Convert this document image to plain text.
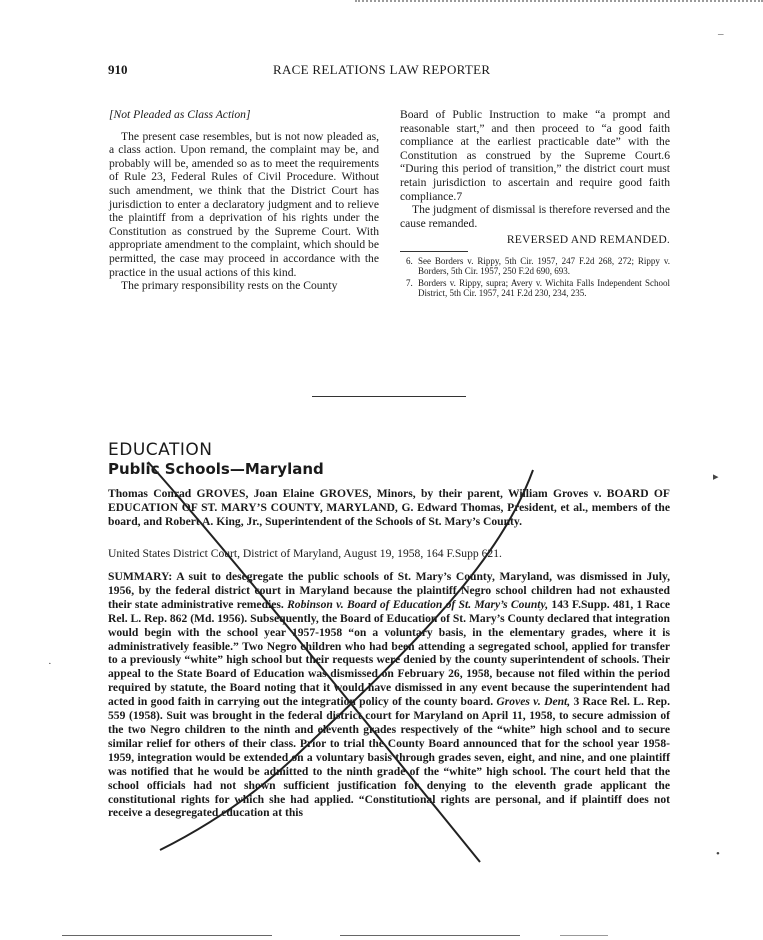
‒
▸
•
·
910	RACE RELATIONS LAW REPORTER
[Not Pleaded as Class Action]

The present case resembles, but is not now pleaded as, a class action. Upon remand, the complaint may be, and probably will be, amended so as to meet the requirements of Rule 23, Federal Rules of Civil Procedure. Without such amendment, we think that the District Court has jurisdiction to enter a declaratory judgment and to relieve the plaintiff from a deprivation of his rights under the Constitution as construed by the Supreme Court. With appropriate amendment to the complaint, which should be permitted, the case may proceed in accordance with the practice in the usual actions of this kind.

The primary responsibility rests on the County

Board of Public Instruction to make “a prompt and reasonable start,” and then proceed to “a good faith compliance at the earliest practicable date” with the Constitution as construed by the Supreme Court.6 “During this period of transition,” the district court must retain jurisdiction to ascertain and require good faith compliance.7

The judgment of dismissal is therefore reversed and the cause remanded.

REVERSED AND REMANDED.
6. See Borders v. Rippy, 5th Cir. 1957, 247 F.2d 268, 272; Rippy v. Borders, 5th Cir. 1957, 250 F.2d 690, 693.
7. Borders v. Rippy, supra; Avery v. Wichita Falls Independent School District, 5th Cir. 1957, 241 F.2d 230, 234, 235.
EDUCATION
Public Schools—Maryland
Thomas Conrad GROVES, Joan Elaine GROVES, Minors, by their parent, William Groves v. BOARD OF EDUCATION OF ST. MARY’S COUNTY, MARYLAND, G. Edward Thomas, President, et al., members of the board, and Robert A. King, Jr., Superintendent of the Schools of St. Mary’s County.
United States District Court, District of Maryland, August 19, 1958, 164 F.Supp 621.
SUMMARY: A suit to desegregate the public schools of St. Mary’s County, Maryland, was dismissed in July, 1956, by the federal district court in Maryland because the plaintiff Negro school children had not exhausted their state administrative remedies. Robinson v. Board of Education of St. Mary’s County, 143 F.Supp. 481, 1 Race Rel. L. Rep. 862 (Md. 1956). Subsequently, the Board of Education of St. Mary’s County declared that integration would begin with the school year 1957-1958 “on a voluntary basis, in the elementary grades, where it is administratively feasible.” Two Negro children who had been attending a segregated school, applied for transfer to a previously “white” high school but their requests were denied by the county superintendent of schools. Their appeal to the State Board of Education was dismissed on February 26, 1958, because not filed within the period required by statute, the Board noting that it would have dismissed in any event because the superintendent had acted in good faith in carrying out the integration policy of the county board. Groves v. Dent, 3 Race Rel. L. Rep. 559 (1958). Suit was brought in the federal district court for Maryland on April 11, 1958, to secure admission of the two Negro children to the ninth and eleventh grades respectively of the “white” high school and to secure similar relief for others of their class. Prior to trial the County Board announced that for the school year 1958-1959, integration would be extended on a voluntary basis through grades seven, eight, and nine, and one plaintiff was notified that he would be admitted to the ninth grade of the “white” high school. The court held that the school officials had not shown sufficient justification for denying to the eleventh grade applicant the constitutional rights for which she had applied. “Constitutional rights are personal, and if plaintiff does not receive a desegregated education at this
